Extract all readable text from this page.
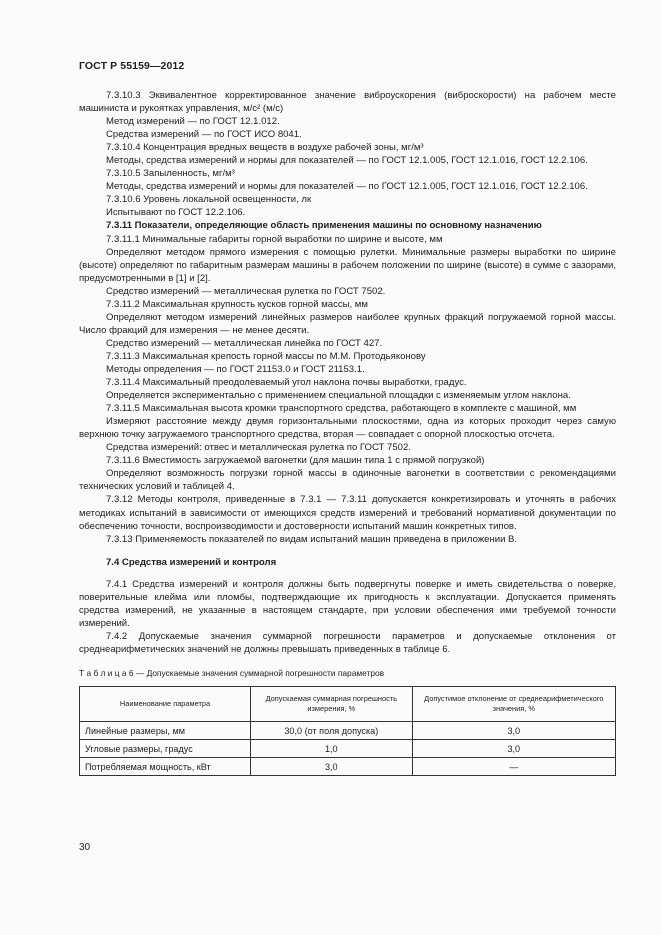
ГОСТ Р 55159—2012

7.3.10.3 Эквивалентное корректированное значение виброускорения (виброскорости) на рабочем месте машиниста и рукоятках управления, м/с² (м/с)

Метод измерений — по ГОСТ 12.1.012.

Средства измерений — по ГОСТ ИСО 8041.

7.3.10.4 Концентрация вредных веществ в воздухе рабочей зоны, мг/м³

Методы, средства измерений и нормы для показателей — по ГОСТ 12.1.005, ГОСТ 12.1.016, ГОСТ 12.2.106.

7.3.10.5 Запыленность, мг/м³

Методы, средства измерений и нормы для показателей — по ГОСТ 12.1.005, ГОСТ 12.1.016, ГОСТ 12.2.106.

7.3.10.6 Уровень локальной освещенности, лк

Испытывают по ГОСТ 12.2.106.

7.3.11 Показатели, определяющие область применения машины по основному назначению

7.3.11.1 Минимальные габариты горной выработки по ширине и высоте, мм

Определяют методом прямого измерения с помощью рулетки. Минимальные размеры выработки по ширине (высоте) определяют по габаритным размерам машины в рабочем положении по ширине (высоте) в сумме с зазорами, предусмотренными в [1] и [2].

Средство измерений — металлическая рулетка по ГОСТ 7502.

7.3.11.2 Максимальная крупность кусков горной массы, мм

Определяют методом измерений линейных размеров наиболее крупных фракций погружаемой горной массы. Число фракций для измерения — не менее десяти.

Средство измерений — металлическая линейка по ГОСТ 427.

7.3.11.3 Максимальная крепость горной массы по М.М. Протодьяконову

Методы определения — по ГОСТ 21153.0 и ГОСТ 21153.1.

7.3.11.4 Максимальный преодолеваемый угол наклона почвы выработки, градус.

Определяется экспериментально с применением специальной площадки с изменяемым углом наклона.

7.3.11.5 Максимальная высота кромки транспортного средства, работающего в комплекте с машиной, мм

Измеряют расстояние между двумя горизонтальными плоскостями, одна из которых проходит через самую верхнюю точку загружаемого транспортного средства, вторая — совпадает с опорной плоскостью отсчета.

Средства измерений: отвес и металлическая рулетка по ГОСТ 7502.

7.3.11.6 Вместимость загружаемой вагонетки (для машин типа 1 с прямой погрузкой)

Определяют возможность погрузки горной массы в одиночные вагонетки в соответствии с рекомендациями технических условий и таблицей 4.

7.3.12 Методы контроля, приведенные в 7.3.1 — 7.3.11 допускается конкретизировать и уточнять в рабочих методиках испытаний в зависимости от имеющихся средств измерений и требований нормативной документации по обеспечению точности, воспроизводимости и достоверности испытаний машин конкретных типов.

7.3.13 Применяемость показателей по видам испытаний машин приведена в приложении В.

7.4 Средства измерений и контроля

7.4.1 Средства измерений и контроля должны быть подвергнуты поверке и иметь свидетельства о поверке, поверительные клейма или пломбы, подтверждающие их пригодность к эксплуатации. Допускается применять средства измерений, не указанные в настоящем стандарте, при условии обеспечения ими требуемой точности измерений.

7.4.2 Допускаемые значения суммарной погрешности параметров и допускаемые отклонения от среднеарифметических значений не должны превышать приведенных в таблице 6.

Т а б л и ц а 6 — Допускаемые значения суммарной погрешности параметров

Наименование параметра	Допускаемая суммарная погрешность измерения, %	Допустимое отклонение от среднеарифметического значения, %
Линейные размеры, мм	30,0 (от поля допуска)	3,0
Угловые размеры, градус	1,0	3,0
Потребляемая мощность, кВт	3,0	—
30
